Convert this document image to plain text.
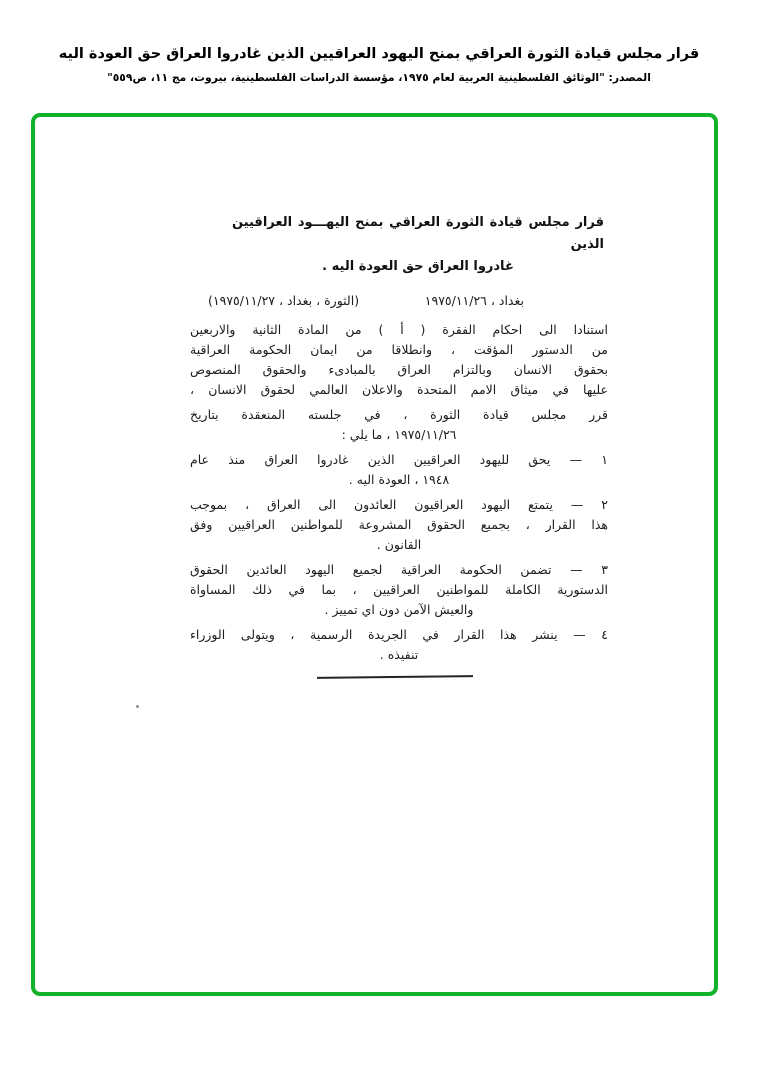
قرار مجلس قيادة الثورة العراقي بمنح اليهود العراقيين الذين غادروا العراق حق العودة اليه
المصدر: "الوثائق الفلسطينية العربية لعام ١٩٧٥، مؤسسة الدراسات الفلسطينية، بيروت، مج ١١، ص٥٥٩"
قرار مجلس قيادة الثورة العراقي بمنح اليهـــود العراقيين الذين
غادروا العراق حق العودة اليه .
بغداد ، ١٩٧٥/١١/٢٦
(الثورة ، بغداد ، ١٩٧٥/١١/٢٧)
استنادا الى احكام الفقرة ( أ ) من المادة الثانية والاربعين
من الدستور المؤقت ، وانطلاقا من ايمان الحكومة العراقية
بحقوق الانسان وبالتزام العراق بالمبادىء والحقوق المنصوص
عليها في ميثاق الامم المتحدة والاعلان العالمي لحقوق الانسان ،
قرر مجلس قيادة الثورة ، في جلسته المنعقدة بتاريخ
١٩٧٥/١١/٢٦ ، ما يلي :
١ — يحق لليهود العراقيين الذين غادروا العراق منذ عام
١٩٤٨ ، العودة اليه .
٢ — يتمتع اليهود العراقيون العائدون الى العراق ، بموجب
هذا القرار ، بجميع الحقوق المشروعة للمواطنين العراقيين وفق
القانون .
٣ — تضمن الحكومة العراقية لجميع اليهود العائدين الحقوق
الدستورية الكاملة للمواطنين العراقيين ، بما في ذلك المساواة
والعيش الآمن دون اي تمييز .
٤ — ينشر هذا القرار في الجريدة الرسمية ، ويتولى الوزراء
تنفيذه .
